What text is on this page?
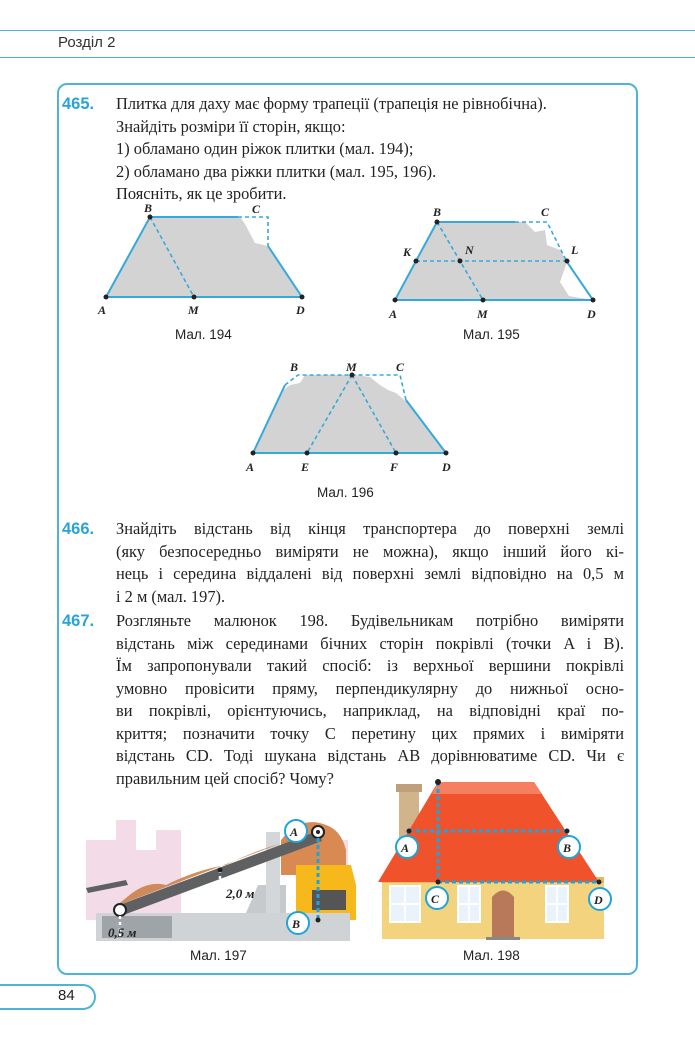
Розділ 2
465. Плитка для даху має форму трапеції (трапеція не рівнобічна).
Знайдіть розміри її сторін, якщо:
1) обламано один ріжок плитки (мал. 194);
2) обламано два ріжки плитки (мал. 195, 196).
Поясніть, як це зробити.
B	C
A	M	D
Мал. 194
B	C
K	N	L
A	M	D
Мал. 195
B	M	C
A	E	F	D
Мал. 196
466. Знайдіть відстань від кінця транспортера до поверхні землі
(яку безпосередньо виміряти не можна), якщо інший його кі-
нець і середина віддалені від поверхні землі відповідно на 0,5 м
і 2 м (мал. 197).
467. Розгляньте малюнок 198. Будівельникам потрібно виміряти
відстань між серединами бічних сторін покрівлі (точки A і B).
Їм запропонували такий спосіб: із верхньої вершини покрівлі
умовно провісити пряму, перпендикулярну до нижньої осно-
ви покрівлі, орієнтуючись, наприклад, на відповідні краї по-
криття; позначити точку C перетину цих прямих і виміряти
відстань CD. Тоді шукана відстань AB дорівнюватиме CD. Чи є
правильним цей спосіб? Чому?
A
B
2,0 м
0,5 м
Мал. 197
A	B
C	D
Мал. 198
84
